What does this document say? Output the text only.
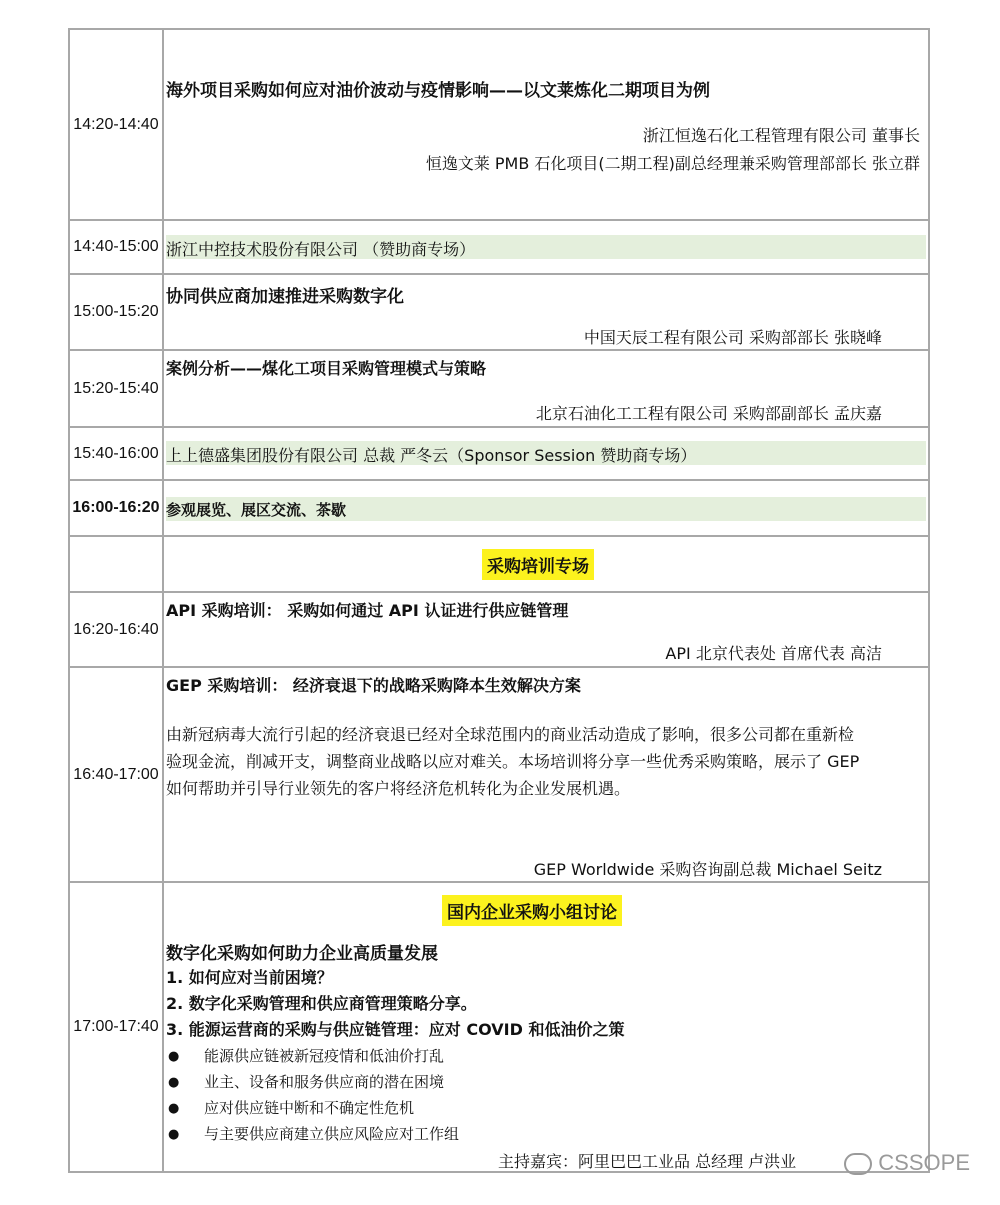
14:20-14:40
海外项目采购如何应对油价波动与疫情影响——以文莱炼化二期项目为例
浙江恒逸石化工程管理有限公司 董事长
恒逸文莱 PMB 石化项目(二期工程)副总经理兼采购管理部部长 张立群
14:40-15:00 浙江中控技术股份有限公司 （赞助商专场）
15:00-15:20
协同供应商加速推进采购数字化
中国天辰工程有限公司 采购部部长 张晓峰
15:20-15:40
案例分析——煤化工项目采购管理模式与策略
北京石油化工工程有限公司 采购部副部长 孟庆嘉
15:40-16:00 上上德盛集团股份有限公司 总裁 严冬云（Sponsor Session 赞助商专场）
16:00-16:20 参观展览、展区交流、茶歇
采购培训专场
16:20-16:40
API 采购培训： 采购如何通过 API 认证进行供应链管理
API 北京代表处 首席代表 高洁
16:40-17:00
GEP 采购培训： 经济衰退下的战略采购降本生效解决方案
由新冠病毒大流行引起的经济衰退已经对全球范围内的商业活动造成了影响，很多公司都在重新检验现金流，削减开支，调整商业战略以应对难关。本场培训将分享一些优秀采购策略，展示了 GEP 如何帮助并引导行业领先的客户将经济危机转化为企业发展机遇。
GEP Worldwide 采购咨询副总裁 Michael Seitz
17:00-17:40
国内企业采购小组讨论
数字化采购如何助力企业高质量发展
1. 如何应对当前困境？
2. 数字化采购管理和供应商管理策略分享。
3. 能源运营商的采购与供应链管理：应对 COVID 和低油价之策
● 能源供应链被新冠疫情和低油价打乱
● 业主、设备和服务供应商的潜在困境
● 应对供应链中断和不确定性危机
● 与主要供应商建立供应风险应对工作组
主持嘉宾：阿里巴巴工业品 总经理 卢洪业	CSSOPE
